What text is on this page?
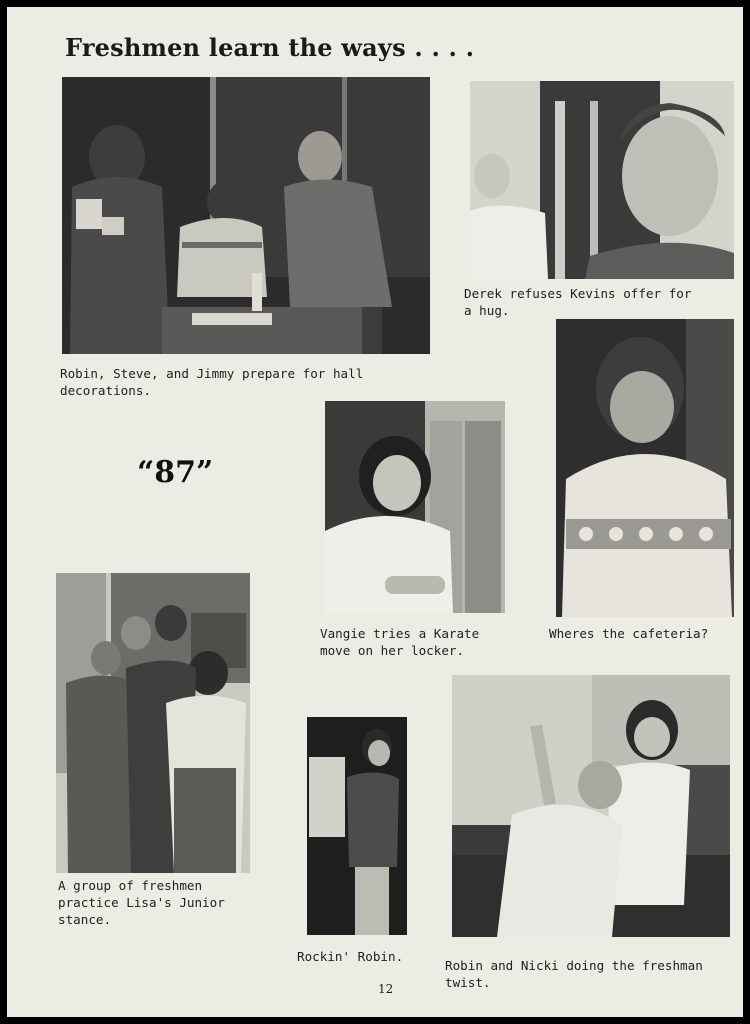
Freshmen learn the ways . . . .
Robin, Steve, and Jimmy prepare for hall
decorations.
Derek refuses Kevins offer for
a hug.
Wheres the cafeteria?
“87”
Vangie tries a Karate
move on her locker.
A group of freshmen
practice Lisa's Junior
stance.
Rockin' Robin.
Robin and Nicki doing the freshman
twist.
12
